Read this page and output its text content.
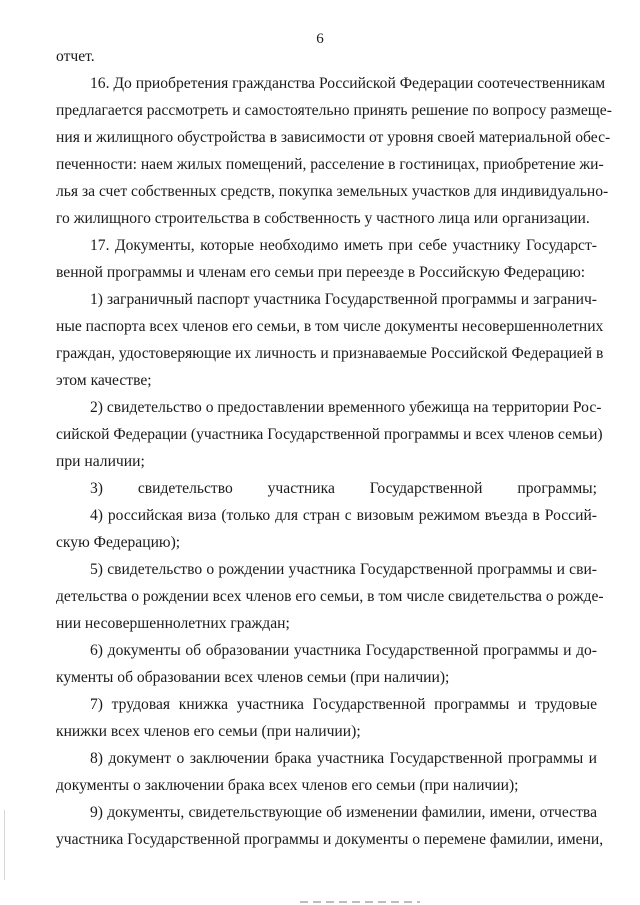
6
отчет.
16. До приобретения гражданства Российской Федерации соотечественникам
предлагается рассмотреть и самостоятельно принять решение по вопросу размеще-
ния и жилищного обустройства в зависимости от уровня своей материальной обес-
печенности: наем жилых помещений, расселение в гостиницах, приобретение жи-
лья за счет собственных средств, покупка земельных участков для индивидуально-
го жилищного строительства в собственность у частного лица или организации.
17. Документы, которые необходимо иметь при себе участнику Государст-
венной программы и членам его семьи при переезде в Российскую Федерацию:
1) заграничный паспорт участника Государственной программы и загранич-
ные паспорта всех членов его семьи, в том числе документы несовершеннолетних
граждан, удостоверяющие их личность и признаваемые Российской Федерацией в
этом качестве;
2) свидетельство о предоставлении временного убежища на территории Рос-
сийской Федерации (участника Государственной программы и всех членов семьи)
при наличии;
3) свидетельство участника Государственной программы;
4) российская виза (только для стран с визовым режимом въезда в Россий-
скую Федерацию);
5) свидетельство о рождении участника Государственной программы и сви-
детельства о рождении всех членов его семьи, в том числе свидетельства о рожде-
нии несовершеннолетних граждан;
6) документы об образовании участника Государственной программы и до-
кументы об образовании всех членов семьи (при наличии);
7) трудовая книжка участника Государственной программы и трудовые
книжки всех членов его семьи (при наличии);
8) документ о заключении брака участника Государственной программы и
документы о заключении брака всех членов его семьи (при наличии);
9) документы, свидетельствующие об изменении фамилии, имени, отчества
участника Государственной программы и документы о перемене фамилии, имени,
